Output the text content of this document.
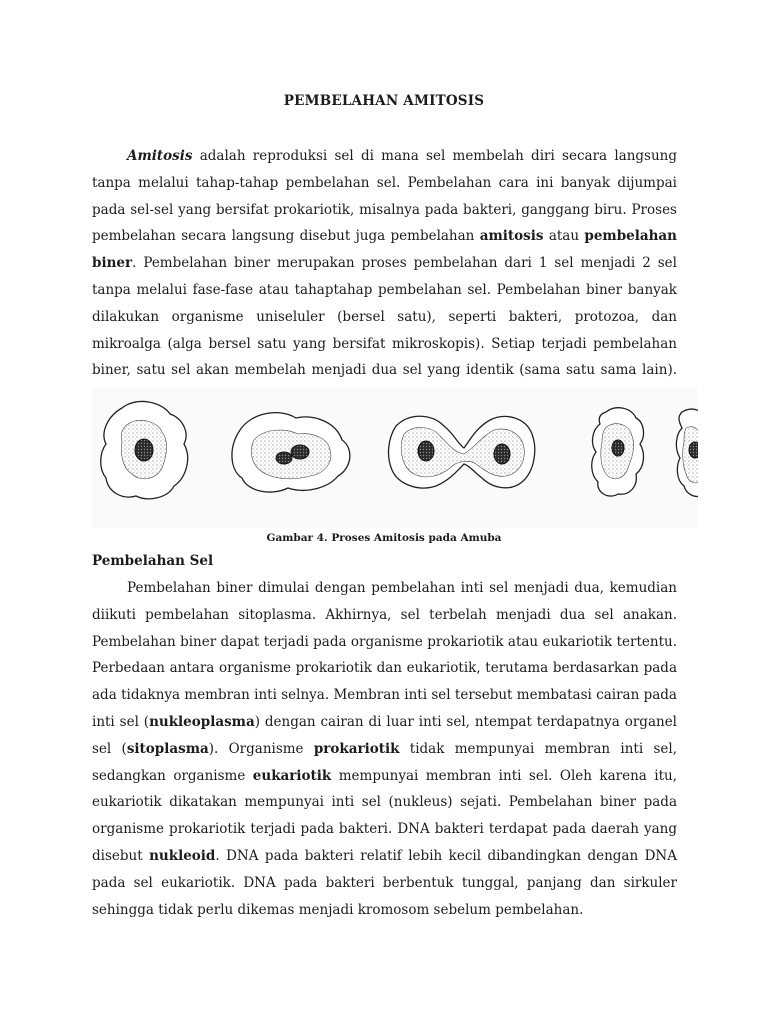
PEMBELAHAN AMITOSIS

Amitosis adalah reproduksi sel di mana sel membelah diri secara langsung tanpa melalui tahap-tahap pembelahan sel. Pembelahan cara ini banyak dijumpai pada sel-sel yang bersifat prokariotik, misalnya pada bakteri, ganggang biru. Proses pembelahan secara langsung disebut juga pembelahan amitosis atau pembelahan biner. Pembelahan biner merupakan proses pembelahan dari 1 sel menjadi 2 sel tanpa melalui fase-fase atau tahaptahap pembelahan sel. Pembelahan biner banyak dilakukan organisme uniseluler (bersel satu), seperti bakteri, protozoa, dan mikroalga (alga bersel satu yang bersifat mikroskopis). Setiap terjadi pembelahan biner, satu sel akan membelah menjadi dua sel yang identik (sama satu sama lain).

Gambar 4. Proses Amitosis pada Amuba
Pembelahan Sel

Pembelahan biner dimulai dengan pembelahan inti sel menjadi dua, kemudian diikuti pembelahan sitoplasma. Akhirnya, sel terbelah menjadi dua sel anakan. Pembelahan biner dapat terjadi pada organisme prokariotik atau eukariotik tertentu. Perbedaan antara organisme prokariotik dan eukariotik, terutama berdasarkan pada ada tidaknya membran inti selnya. Membran inti sel tersebut membatasi cairan pada inti sel (nukleoplasma) dengan cairan di luar inti sel, ntempat terdapatnya organel sel (sitoplasma). Organisme prokariotik tidak mempunyai membran inti sel, sedangkan organisme eukariotik mempunyai membran inti sel. Oleh karena itu, eukariotik dikatakan mempunyai inti sel (nukleus) sejati. Pembelahan biner pada organisme prokariotik terjadi pada bakteri. DNA bakteri terdapat pada daerah yang disebut nukleoid. DNA pada bakteri relatif lebih kecil dibandingkan dengan DNA pada sel eukariotik. DNA pada bakteri berbentuk tunggal, panjang dan sirkuler sehingga tidak perlu dikemas menjadi kromosom sebelum pembelahan.
